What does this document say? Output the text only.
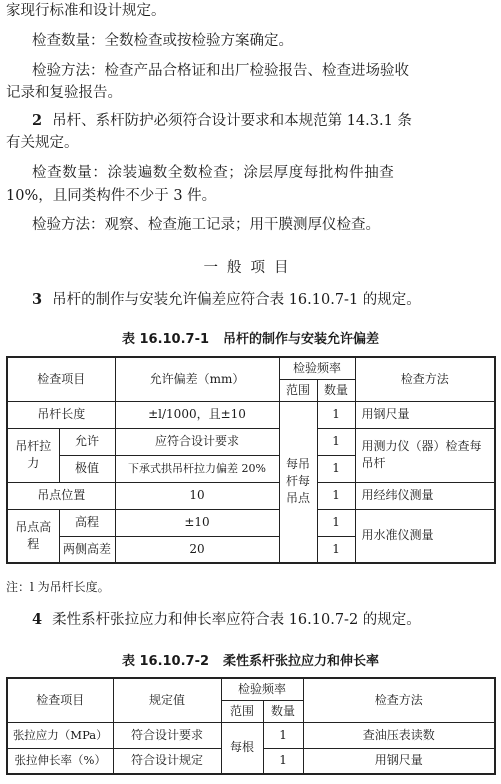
家现行标准和设计规定。
检查数量：全数检查或按检验方案确定。
检验方法：检查产品合格证和出厂检验报告、检查进场验收
记录和复验报告。
2 吊杆、系杆防护必须符合设计要求和本规范第 14.3.1 条
有关规定。
检查数量：涂装遍数全数检查；涂层厚度每批构件抽查
10%，且同类构件不少于 3 件。
检验方法：观察、检查施工记录；用干膜测厚仪检查。
一般项目
3 吊杆的制作与安装允许偏差应符合表 16.10.7-1 的规定。
表 16.10.7-1 吊杆的制作与安装允许偏差
检查项目		允许偏差（mm）	检验频率		检查方法
			范围	数量	
吊杆长度		±l/1000，且±10	每吊杆每吊点	1	用钢尺量
吊杆拉力	允许	应符合设计要求		1	用测力仪（器）检查每吊杆
	极值	下承式拱吊杆拉力偏差 20%		1	
吊点位置		10		1	用经纬仪测量
吊点高程	高程	±10		1	用水准仪测量
	两侧高差	20		1	
注：l 为吊杆长度。
4 柔性系杆张拉应力和伸长率应符合表 16.10.7-2 的规定。
表 16.10.7-2 柔性系杆张拉应力和伸长率
检查项目	规定值	检验频率		检查方法
		范围	数量	
张拉应力（MPa）	符合设计要求	每根	1	查油压表读数
张拉伸长率（%）	符合设计规定		1	用钢尺量
